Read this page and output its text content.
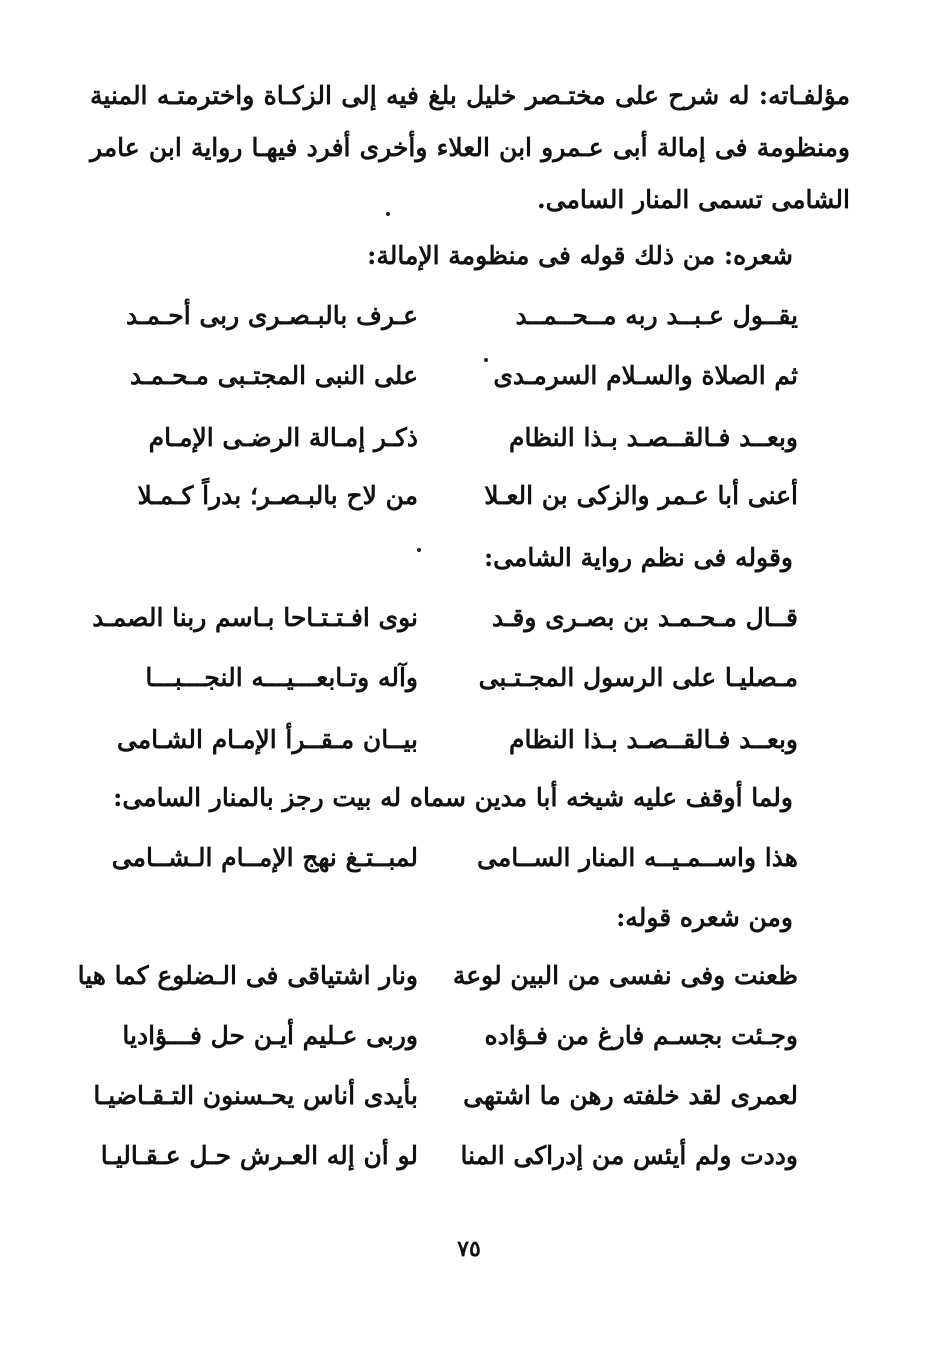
مؤلفـاته: له شرح على مختـصر خليل بلغ فيه إلى الزكـاة واخترمتـه المنية ومنظومة فى إمالة أبى عـمرو ابن العلاء وأخرى أفرد فيهـا رواية ابن عامر الشامى تسمى المنار السامى.
شعره: من ذلك قوله فى منظومة الإمالة:
يقــول عـبــد ربه مــحــمــد
عـرف بالبـصـرى ربى أحـمـد
ثم الصلاة والسـلام السرمـدى
على النبى المجتـبى مـحـمـد
وبعــد فـالقــصـد بـذا النظام
ذكـر إمـالة الرضـى الإمـام
أعنى أبا عـمر والزكى بن العـلا
من لاح بالبـصـر؛ بدراً كـمـلا
وقوله فى نظم رواية الشامى:
قــال مـحـمـد بن بصـرى وقـد
نوى افـتـتـاحا بـاسم ربنا الصمـد
مـصليـا على الرسول المجـتـبى
وآله وتـابعـــيـــه النجـــبـــا
وبعــد فـالقــصـد بـذا النظام
بيــان مـقــرأ الإمـام الشـامى
ولما أوقف عليه شيخه أبا مدين سماه له بيت رجز بالمنار السامى:
هذا واســمـيــه المنار الســامى
لمبــتـغ نهج الإمــام الـشــامى
ومن شعره قوله:
ظعنت وفى نفسى من البين لوعة
ونار اشتياقى فى الـضلوع كما هيا
وجـئت بجسـم فارغ من فـؤاده
وربى عـليم أيـن حل فـــؤاديا
لعمرى لقد خلفته رهن ما اشتهى
بأيدى أناس يحـسنون التـقـاضيـا
وددت ولم أيئس من إدراكى المنا
لو أن إله العـرش حـل عـقـاليـا
٧٥
